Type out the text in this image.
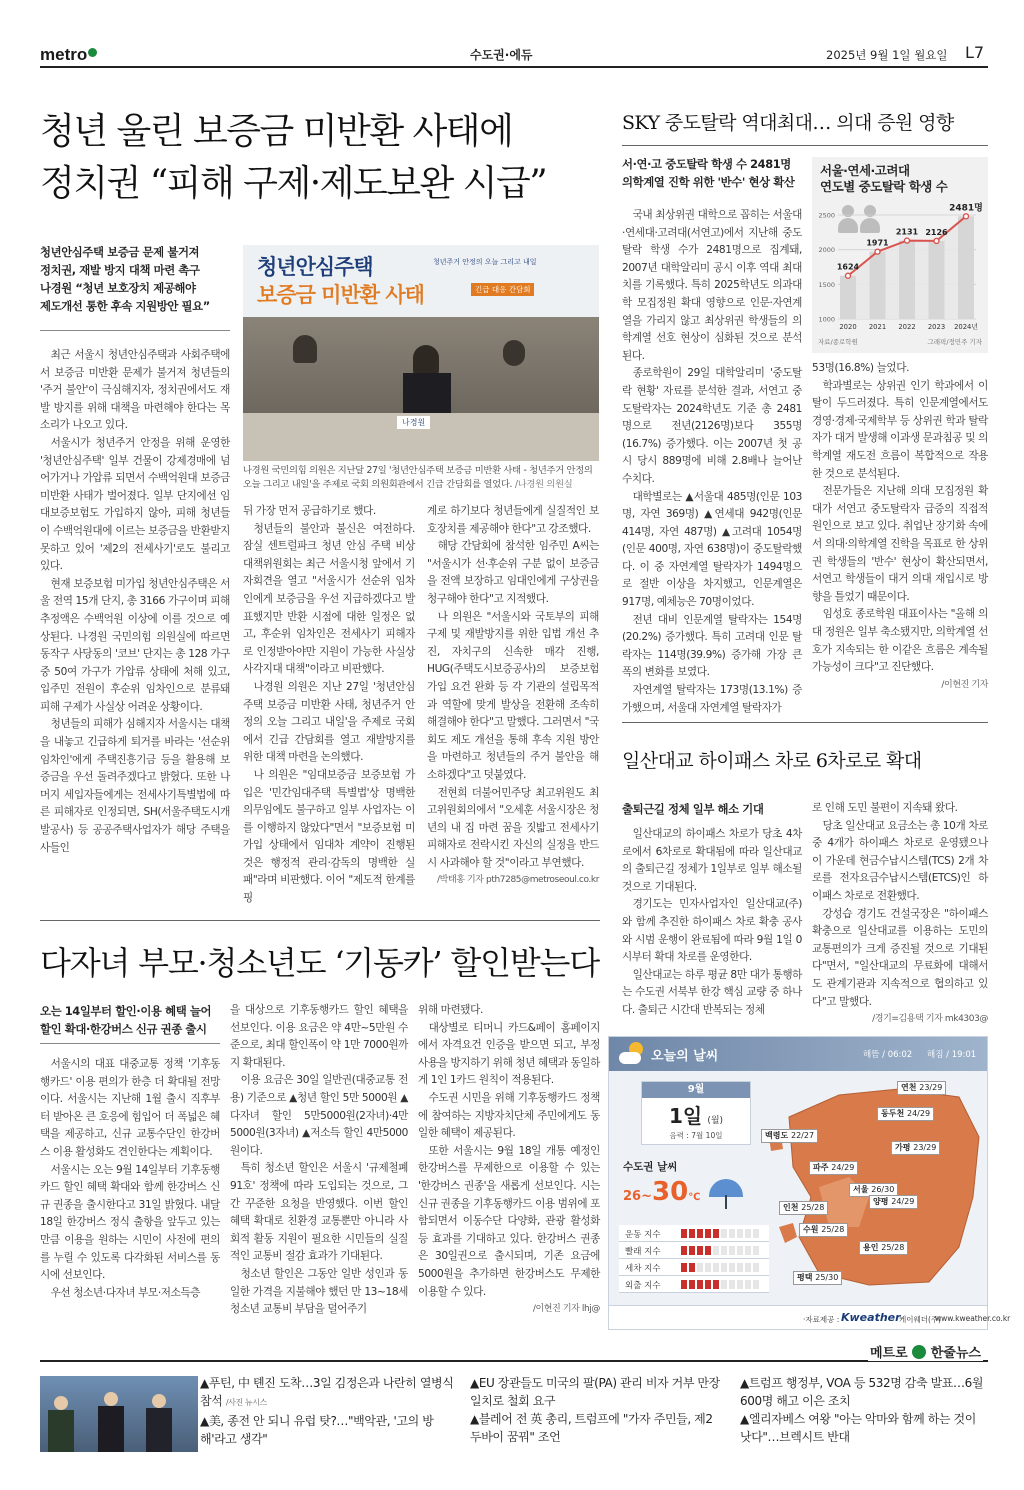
metro	수도권·에듀	2025년 9월 1일 월요일 L7
청년 울린 보증금 미반환 사태에
정치권 “피해 구제·제도보완 시급”
청년안심주택 보증금 문제 불거져
정치권, 재발 방지 대책 마련 촉구
나경원 “청년 보호장치 제공해야
제도개선 통한 후속 지원방안 필요”
청년안심주택
보증금 미반환 사태
청년주거 안정의 오늘 그리고 내일
긴급 대응 간담회
나경원
나경원 국민의힘 의원은 지난달 27일 '청년안심주택 보증금 미반환 사태 - 청년주거 안정의 오늘 그리고 내일'을 주제로 국회 의원회관에서 긴급 간담회를 열었다. /나경원 의원실

최근 서울시 청년안심주택과 사회주택에서 보증금 미반환 문제가 불거져 청년들의 '주거 불안'이 극심해지자, 정치권에서도 재발 방지를 위해 대책을 마련해야 한다는 목소리가 나오고 있다.

서울시가 청년주거 안정을 위해 운영한 '청년안심주택' 일부 건물이 강제경매에 넘어가거나 가압류 되면서 수백억원대 보증금 미반환 사태가 벌어졌다. 일부 단지에선 임대보증보험도 가입하지 않아, 피해 청년들이 수백억원대에 이르는 보증금을 반환받지 못하고 있어 '제2의 전세사기'로도 불리고 있다.

현재 보증보험 미가입 청년안심주택은 서울 전역 15개 단지, 총 3166 가구이며 피해 추정액은 수백억원 이상에 이를 것으로 예상된다. 나경원 국민의힘 의원실에 따르면 동작구 사당동의 '코브' 단지는 총 128 가구 중 50여 가구가 가압류 상태에 처해 있고, 입주민 전원이 후순위 임차인으로 분류돼 피해 구제가 사실상 어려운 상황이다.

청년들의 피해가 심해지자 서울시는 대책을 내놓고 긴급하게 퇴거를 바라는 '선순위 임차인'에게 주택진흥기금 등을 활용해 보증금을 우선 돌려주겠다고 밝혔다. 또한 나머지 세입자들에게는 전세사기특별법에 따른 피해자로 인정되면, SH(서울주택도시개발공사) 등 공공주택사업자가 해당 주택을 사들인

뒤 가장 먼저 공급하기로 했다.

청년들의 불안과 불신은 여전하다. 잠실 센트럴파크 청년 안심 주택 비상대책위원회는 최근 서울시청 앞에서 기자회견을 열고 "서울시가 선순위 임차인에게 보증금을 우선 지급하겠다고 발표했지만 반환 시점에 대한 일정은 없고, 후순위 임차인은 전세사기 피해자로 인정받아야만 지원이 가능한 사실상 사각지대 대책"이라고 비판했다.

나경원 의원은 지난 27일 '청년안심주택 보증금 미반환 사태, 청년주거 안정의 오늘 그리고 내일'을 주제로 국회에서 긴급 간담회를 열고 재발방지를 위한 대책 마련을 논의했다.

나 의원은 "임대보증금 보증보험 가입은 '민간임대주택 특별법'상 명백한 의무임에도 불구하고 일부 사업자는 이를 이행하지 않았다"면서 "보증보험 미가입 상태에서 임대차 계약이 진행된 것은 행정적 관리·감독의 명백한 실패"라며 비판했다. 이어 "제도적 한계를 핑

계로 하기보다 청년들에게 실질적인 보호장치를 제공해야 한다"고 강조했다.

해당 간담회에 참석한 임주민 A씨는 "서울시가 선·후순위 구분 없이 보증금을 전액 보장하고 임대인에게 구상권을 청구해야 한다"고 지적했다.

나 의원은 "서울시와 국토부의 피해구제 및 재발방지를 위한 입법 개선 추진, 자치구의 신속한 매각 진행, HUG(주택도시보증공사)의 보증보험 가입 요건 완화 등 각 기관의 설립목적과 역할에 맞게 발상을 전환해 조속히 해결해야 한다"고 말했다. 그러면서 "국회도 제도 개선을 통해 후속 지원 방안을 마련하고 청년들의 주거 불안을 해소하겠다"고 덧붙였다.

전현희 더불어민주당 최고위원도 최고위원회의에서 "오세훈 서울시장은 청년의 내 집 마련 꿈을 짓밟고 전세사기 피해자로 전락시킨 자신의 실정을 반드시 사과해야 할 것"이라고 부연했다.

/박태홍 기자 pth7285@metroseoul.co.kr
SKY 중도탈락 역대최대… 의대 증원 영향
서·연·고 중도탈락 학생 수 2481명
의학계열 진학 위한 '반수' 현상 확산
서울·연세·고려대
연도별 중도탈락 학생 수
2500
2000
1500
1000
1624
2020
1971
2021
2131
2022
2126
2023
2481명
2024년
자료/종로학원	그래픽/정민주 기자

국내 최상위권 대학으로 꼽히는 서울대·연세대·고려대(서연고)에서 지난해 중도탈락 학생 수가 2481명으로 집계돼, 2007년 대학알리미 공시 이후 역대 최대치를 기록했다. 특히 2025학년도 의과대학 모집정원 확대 영향으로 인문·자연계열을 가리지 않고 최상위권 학생들의 의학계열 선호 현상이 심화된 것으로 분석된다.

종로학원이 29일 대학알리미 '중도탈락 현황' 자료를 분석한 결과, 서연고 중도탈락자는 2024학년도 기준 총 2481명으로 전년(2126명)보다 355명(16.7%) 증가했다. 이는 2007년 첫 공시 당시 889명에 비해 2.8배나 늘어난 수치다.

대학별로는 ▲서울대 485명(인문 103명, 자연 369명) ▲연세대 942명(인문 414명, 자연 487명) ▲고려대 1054명(인문 400명, 자연 638명)이 중도탈락했다. 이 중 자연계열 탈락자가 1494명으로 절반 이상을 차지했고, 인문계열은 917명, 예체능은 70명이었다.

전년 대비 인문계열 탈락자는 154명(20.2%) 증가했다. 특히 고려대 인문 탈락자는 114명(39.9%) 증가해 가장 큰 폭의 변화를 보였다.

자연계열 탈락자는 173명(13.1%) 증가했으며, 서울대 자연계열 탈락자가

53명(16.8%) 늘었다.

학과별로는 상위권 인기 학과에서 이탈이 두드러졌다. 특히 인문계열에서도 경영·경제·국제학부 등 상위권 학과 탈락자가 대거 발생해 이과생 문과침공 및 의학계열 재도전 흐름이 복합적으로 작용한 것으로 분석된다.

전문가들은 지난해 의대 모집정원 확대가 서연고 중도탈락자 급증의 직접적 원인으로 보고 있다. 취업난 장기화 속에서 의대·의학계열 진학을 목표로 한 상위권 학생들의 '반수' 현상이 확산되면서, 서연고 학생들이 대거 의대 재입시로 방향을 틀었기 때문이다.

임성호 종로학원 대표이사는 "올해 의대 정원은 일부 축소됐지만, 의학계열 선호가 지속되는 한 이같은 흐름은 계속될 가능성이 크다"고 진단했다.

/이현진 기자
일산대교 하이패스 차로 6차로로 확대
출퇴근길 정체 일부 해소 기대

일산대교의 하이패스 차로가 당초 4차로에서 6차로로 확대됨에 따라 일산대교의 출퇴근길 정체가 1일부로 일부 해소될 것으로 기대된다.

경기도는 민자사업자인 일산대교(주)와 함께 추진한 하이패스 차로 확충 공사와 시범 운행이 완료됨에 따라 9월 1일 0시부터 확대 차로를 운영한다.

일산대교는 하루 평균 8만 대가 통행하는 수도권 서북부 한강 핵심 교량 중 하나다. 출퇴근 시간대 반복되는 정체

로 인해 도민 불편이 지속돼 왔다.

당초 일산대교 요금소는 총 10개 차로 중 4개가 하이패스 차로로 운영됐으나 이 가운데 현금수납시스템(TCS) 2개 차로를 전자요금수납시스템(ETCS)인 하이패스 차로로 전환했다.

강성습 경기도 건설국장은 "하이패스 확충으로 일산대교를 이용하는 도민의 교통편의가 크게 증진될 것으로 기대된다"면서, "일산대교의 무료화에 대해서도 관계기관과 지속적으로 협의하고 있다"고 말했다.

/경기=김용택 기자 mk4303@
다자녀 부모·청소년도 ‘기동카’ 할인받는다
오는 14일부터 할인·이용 혜택 늘어
할인 확대·한강버스 신규 권종 출시

서울시의 대표 대중교통 정책 '기후동행카드' 이용 편의가 한층 더 확대될 전망이다. 서울시는 지난해 1월 출시 직후부터 받아온 큰 호응에 힘입어 더 폭넓은 혜택을 제공하고, 신규 교통수단인 한강버스 이용 활성화도 견인한다는 계획이다.

서울시는 오는 9월 14일부터 기후동행카드 할인 혜택 확대와 함께 한강버스 신규 권종을 출시한다고 31일 밝혔다. 내달 18일 한강버스 정식 출항을 앞두고 있는 만큼 이용을 원하는 시민이 사전에 편의를 누릴 수 있도록 다각화된 서비스를 동시에 선보인다.

우선 청소년·다자녀 부모·저소득층

을 대상으로 기후동행카드 할인 혜택을 선보인다. 이용 요금은 약 4만~5만원 수준으로, 최대 할인폭이 약 1만 7000원까지 확대된다.

이용 요금은 30일 일반권(대중교통 전용) 기준으로 ▲청년 할인 5만 5000원 ▲다자녀 할인 5만5000원(2자녀)·4만5000원(3자녀) ▲저소득 할인 4만5000원이다.

특히 청소년 할인은 서울시 '규제철폐 91호' 정책에 따라 도입되는 것으로, 그간 꾸준한 요청을 반영했다. 이번 할인 혜택 확대로 친환경 교통뿐만 아니라 사회적 활동 지원이 필요한 시민들의 실질적인 교통비 절감 효과가 기대된다.

청소년 할인은 그동안 일반 성인과 동일한 가격을 지불해야 했던 만 13~18세 청소년 교통비 부담을 덜어주기

위해 마련됐다.

대상별로 티머니 카드&페이 홈페이지에서 자격요건 인증을 받으면 되고, 부정 사용을 방지하기 위해 청년 혜택과 동일하게 1인 1카드 원칙이 적용된다.

수도권 시민을 위해 기후동행카드 정책에 참여하는 지방자치단체 주민에게도 동일한 혜택이 제공된다.

또한 서울시는 9월 18일 개통 예정인 한강버스를 무제한으로 이용할 수 있는 '한강버스 권종'을 새롭게 선보인다. 시는 신규 권종을 기후동행카드 이용 범위에 포함되면서 이동수단 다양화, 관광 활성화 등 효과를 기대하고 있다. 한강버스 권종은 30일권으로 출시되며, 기존 요금에 5000원을 추가하면 한강버스도 무제한 이용할 수 있다.

/이현진 기자 lhj@
오늘의 날씨	해뜸 / 06:02 해짐 / 19:01
9월
1일 (월)
음력 : 7월 10일
수도권 날씨
26~30℃
운동 지수
빨래 지수
세차 지수
외출 지수
연천 23/29
동두천 24/29
백령도 22/27
가평 23/29
파주 24/29
서울 26/30
양평 24/29
인천 25/28
수원 25/28
용인 25/28
평택 25/30
·자료제공 : Kweather
케이웨더(주)
www.kweather.co.kr
메트로 한줄뉴스
▲푸틴, 中 톈진 도착…3일 김정은과 나란히 열병식 참석 /사진 뉴시스
▲美, 종전 안 되니 유럽 탓?…"백악관, '고의 방해'라고 생각"
▲EU 장관들도 미국의 팔(PA) 관리 비자 거부 만장일치로 철회 요구
▲블레어 전 英 총리, 트럼프에 "가자 주민들, 제2 두바이 꿈꿔" 조언
▲트럼프 행정부, VOA 등 532명 감축 발표…6월 600명 해고 이은 조치
▲엘리자베스 여왕 "아는 악마와 함께 하는 것이 낫다"…브렉시트 반대
